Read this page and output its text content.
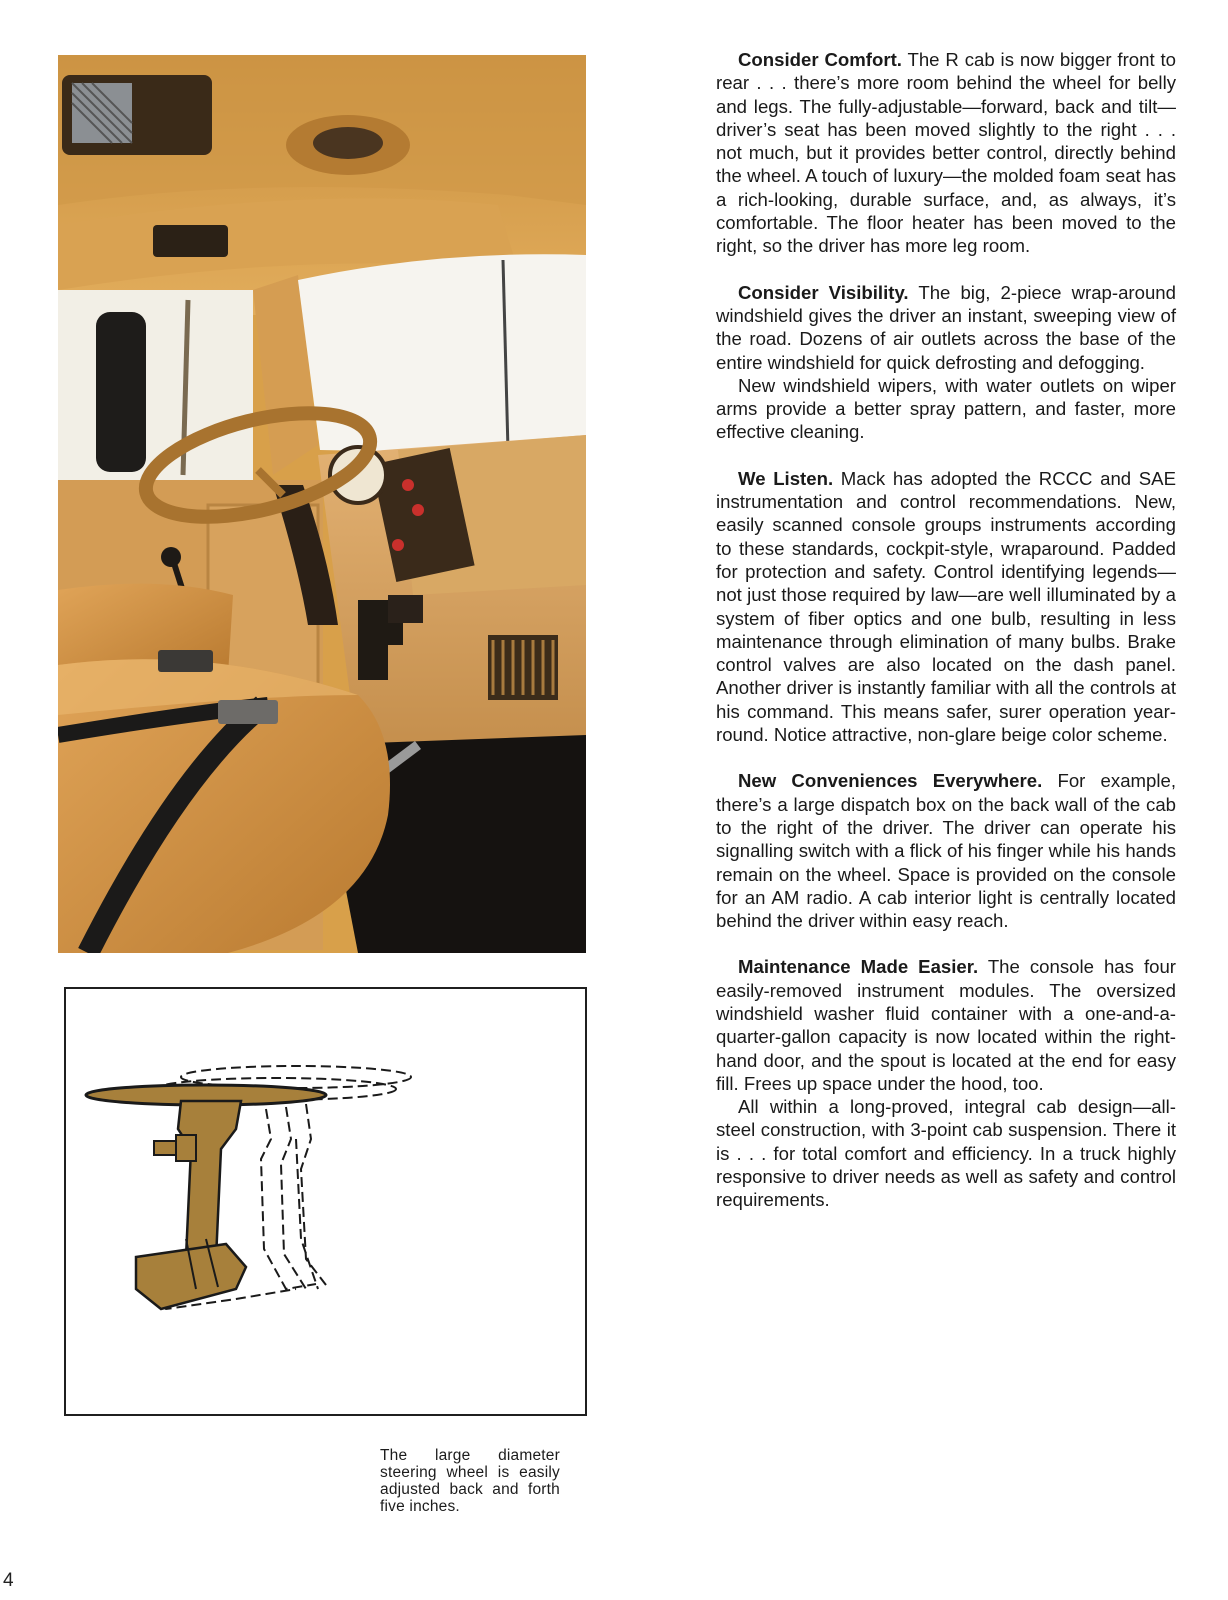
The large diameter steering wheel is easily adjusted back and forth five inches.

Consider Comfort. The R cab is now bigger front to rear . . . there’s more room behind the wheel for belly and legs. The fully-adjustable—forward, back and tilt—driver’s seat has been moved slightly to the right . . . not much, but it provides better control, directly behind the wheel. A touch of luxury—the molded foam seat has a rich-looking, durable surface, and, as always, it’s comfortable. The floor heater has been moved to the right, so the driver has more leg room.

Consider Visibility. The big, 2-piece wrap-around windshield gives the driver an instant, sweeping view of the road. Dozens of air outlets across the base of the entire windshield for quick defrosting and defogging.

New windshield wipers, with water outlets on wiper arms provide a better spray pattern, and faster, more effective cleaning.

We Listen. Mack has adopted the RCCC and SAE instrumentation and control recommendations. New, easily scanned console groups instruments according to these standards, cockpit-style, wraparound. Padded for protection and safety. Control identifying legends—not just those required by law—are well illuminated by a system of fiber optics and one bulb, resulting in less maintenance through elimination of many bulbs. Brake control valves are also located on the dash panel. Another driver is instantly familiar with all the controls at his command. This means safer, surer operation year-round. Notice attractive, non-glare beige color scheme.

New Conveniences Everywhere. For example, there’s a large dispatch box on the back wall of the cab to the right of the driver. The driver can operate his signalling switch with a flick of his finger while his hands remain on the wheel. Space is provided on the console for an AM radio. A cab interior light is centrally located behind the driver within easy reach.

Maintenance Made Easier. The console has four easily-removed instrument modules. The oversized windshield washer fluid container with a one-and-a-quarter-gallon capacity is now located within the right-hand door, and the spout is located at the end for easy fill. Frees up space under the hood, too.

All within a long-proved, integral cab design—all-steel construction, with 3-point cab suspension. There it is . . . for total comfort and efficiency. In a truck highly responsive to driver needs as well as safety and control requirements.

4
